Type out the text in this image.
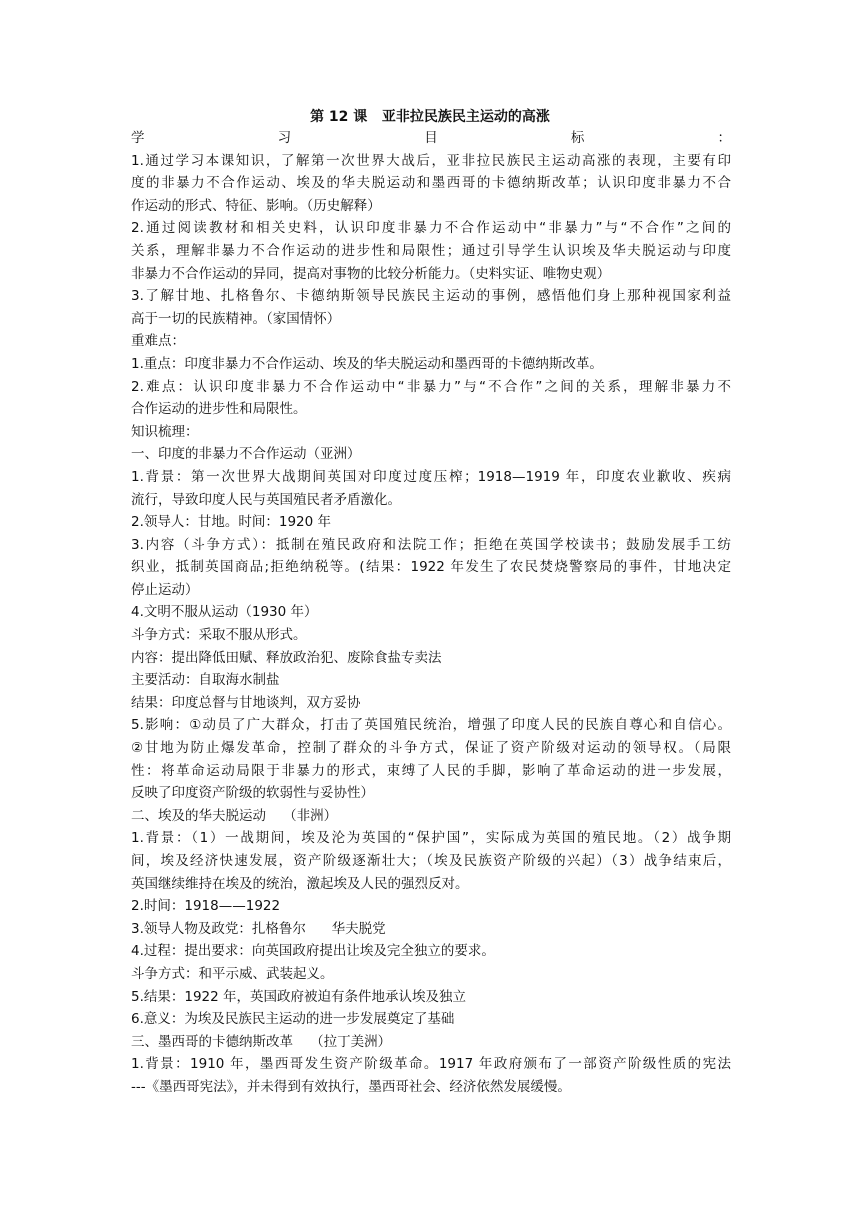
第 12 课   亚非拉民族民主运动的高涨
学习目标：
1.通过学习本课知识，了解第一次世界大战后，亚非拉民族民主运动高涨的表现，主要有印
度的非暴力不合作运动、埃及的华夫脱运动和墨西哥的卡德纳斯改革；认识印度非暴力不合
作运动的形式、特征、影响。（历史解释）
2.通过阅读教材和相关史料，认识印度非暴力不合作运动中“非暴力”与“不合作”之间的
关系，理解非暴力不合作运动的进步性和局限性；通过引导学生认识埃及华夫脱运动与印度
非暴力不合作运动的异同，提高对事物的比较分析能力。（史料实证、唯物史观）
3.了解甘地、扎格鲁尔、卡德纳斯领导民族民主运动的事例，感悟他们身上那种视国家利益
高于一切的民族精神。（家国情怀）
重难点：
1.重点：印度非暴力不合作运动、埃及的华夫脱运动和墨西哥的卡德纳斯改革。
2.难点：认识印度非暴力不合作运动中“非暴力”与“不合作”之间的关系，理解非暴力不
合作运动的进步性和局限性。
知识梳理：
一、印度的非暴力不合作运动（亚洲）
1.背景：第一次世界大战期间英国对印度过度压榨；1918—1919 年，印度农业歉收、疾病
流行，导致印度人民与英国殖民者矛盾激化。
2.领导人：甘地。时间：1920 年
3.内容（斗争方式）：抵制在殖民政府和法院工作；拒绝在英国学校读书；鼓励发展手工纺
织业，抵制英国商品;拒绝纳税等。(结果：1922 年发生了农民焚烧警察局的事件，甘地决定
停止运动）
4.文明不服从运动（1930 年）
斗争方式：采取不服从形式。
内容：提出降低田赋、释放政治犯、废除食盐专卖法
主要活动：自取海水制盐
结果：印度总督与甘地谈判，双方妥协
5.影响：①动员了广大群众，打击了英国殖民统治，增强了印度人民的民族自尊心和自信心。
②甘地为防止爆发革命，控制了群众的斗争方式，保证了资产阶级对运动的领导权。（局限
性：将革命运动局限于非暴力的形式，束缚了人民的手脚，影响了革命运动的进一步发展，
反映了印度资产阶级的软弱性与妥协性）
二、埃及的华夫脱运动    （非洲）
1.背景：（1）一战期间，埃及沦为英国的“保护国”，实际成为英国的殖民地。（2）战争期
间，埃及经济快速发展，资产阶级逐渐壮大；（埃及民族资产阶级的兴起）（3）战争结束后，
英国继续维持在埃及的统治，激起埃及人民的强烈反对。
2.时间：1918——1922
3.领导人物及政党：扎格鲁尔      华夫脱党
4.过程：提出要求：向英国政府提出让埃及完全独立的要求。
斗争方式：和平示威、武装起义。
5.结果：1922 年，英国政府被迫有条件地承认埃及独立
6.意义：为埃及民族民主运动的进一步发展奠定了基础
三、墨西哥的卡德纳斯改革    （拉丁美洲）
1.背景：1910 年，墨西哥发生资产阶级革命。1917 年政府颁布了一部资产阶级性质的宪法
---《墨西哥宪法》，并未得到有效执行，墨西哥社会、经济依然发展缓慢。
